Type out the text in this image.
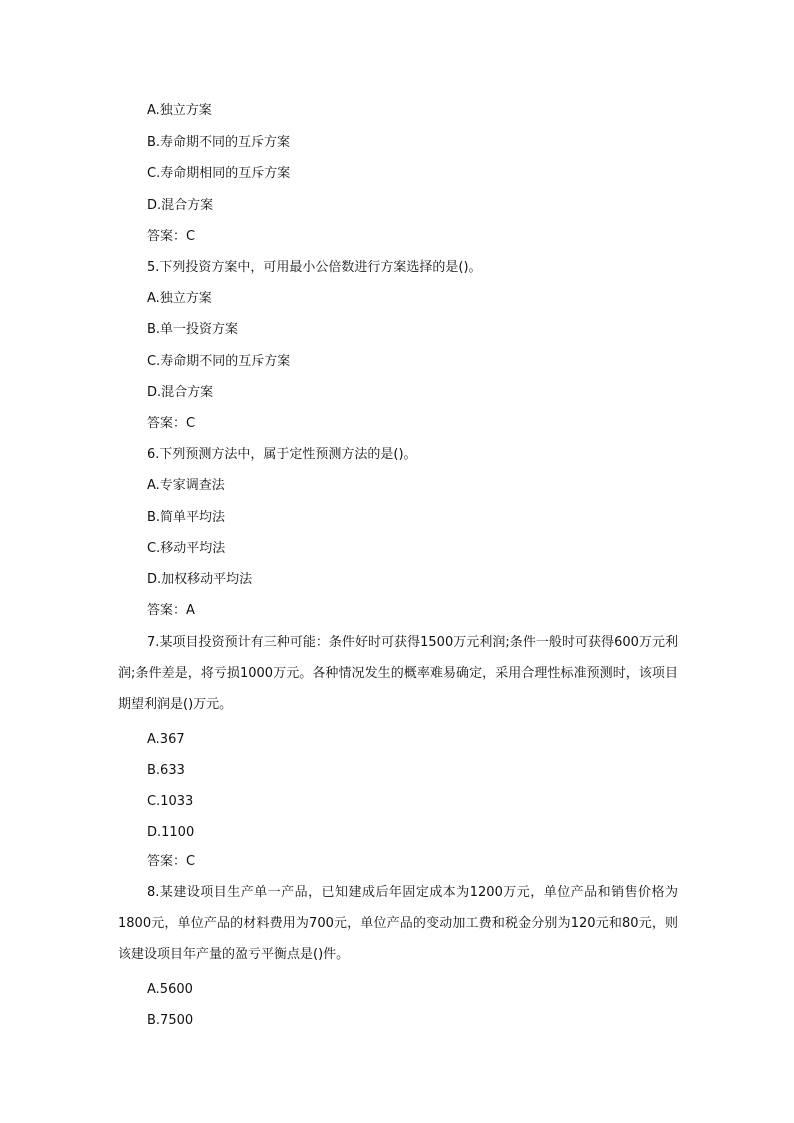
A.独立方案

B.寿命期不同的互斥方案

C.寿命期相同的互斥方案

D.混合方案

答案：C

5.下列投资方案中，可用最小公倍数进行方案选择的是()。

A.独立方案

B.单一投资方案

C.寿命期不同的互斥方案

D.混合方案

答案：C

6.下列预测方法中，属于定性预测方法的是()。

A.专家调查法

B.简单平均法

C.移动平均法

D.加权移动平均法

答案：A

7.某项目投资预计有三种可能：条件好时可获得1500万元利润;条件一般时可获得600万元利润;条件差是，将亏损1000万元。各种情况发生的概率难易确定，采用合理性标准预测时，该项目期望利润是()万元。

A.367

B.633

C.1033

D.1100

答案：C

8.某建设项目生产单一产品，已知建成后年固定成本为1200万元，单位产品和销售价格为1800元，单位产品的材料费用为700元，单位产品的变动加工费和税金分别为120元和80元，则该建设项目年产量的盈亏平衡点是()件。

A.5600

B.7500
